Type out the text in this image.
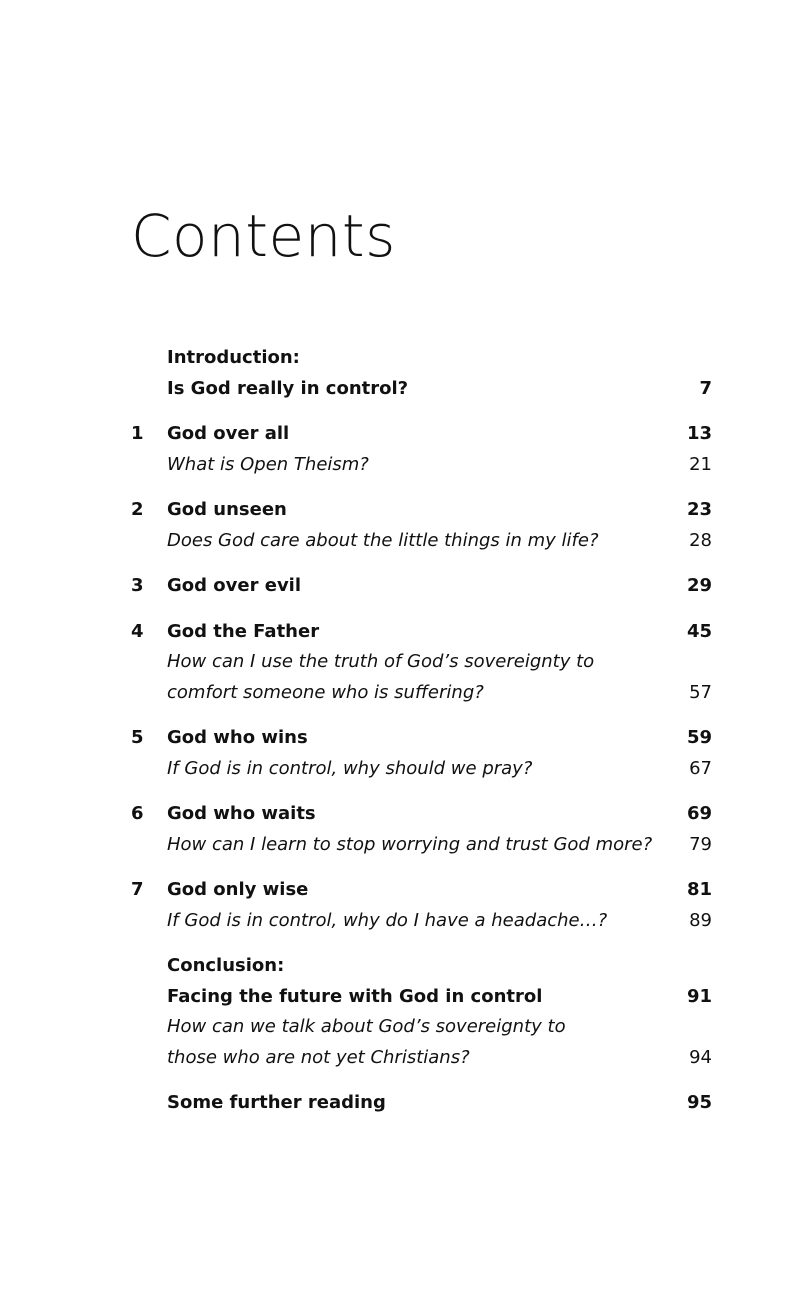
Contents
Introduction:
Is God really in control?	7
1 God over all	13
What is Open Theism?	21
2 God unseen	23
Does God care about the little things in my life?	28
3 God over evil	29
4 God the Father	45
How can I use the truth of God’s sovereignty to
comfort someone who is suffering?	57
5 God who wins	59
If God is in control, why should we pray?	67
6 God who waits	69
How can I learn to stop worrying and trust God more? 79
7 God only wise	81
If God is in control, why do I have a headache…?	89
Conclusion:
Facing the future with God in control	91
How can we talk about God’s sovereignty to
those who are not yet Christians?	94
Some further reading	95
